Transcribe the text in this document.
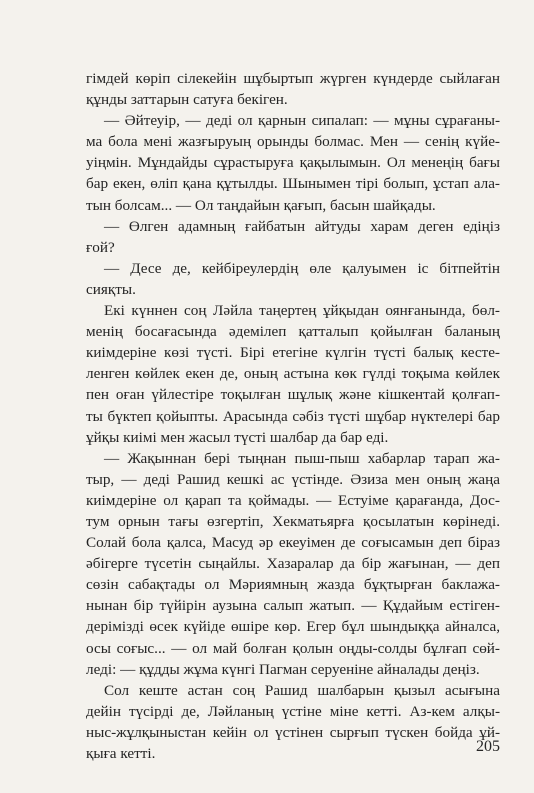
гімдей көріп сілекейін шұбыртып жүрген күндерде сыйлаған
құнды заттарын сатуға бекіген.
— Әйтеуір, — деді ол қарнын сипалап: — мұны сұрағаны-
ма бола мені жазғыруың орынды болмас. Мен — сенің күйе-
уіңмін. Мұндайды сұрастыруға қақылымын. Ол менеңің бағы
бар екен, өліп қана құтылды. Шынымен тірі болып, ұстап ала-
тын болсам... — Ол таңдайын қағып, басын шайқады.
— Өлген адамның ғайбатын айтуды харам деген едіңіз
ғой?
— Десе де, кейбіреулердің өле қалуымен іс бітпейтін
сияқты.
Екі күннен соң Ләйла таңертең ұйқыдан оянғанында, бөл-
менің босағасында әдемілеп қатталып қойылған баланың
киімдеріне көзі түсті. Бірі етегіне күлгін түсті балық кесте-
ленген көйлек екен де, оның астына көк гүлді тоқыма көйлек
пен оған үйлестіре тоқылған шұлық және кішкентай қолғап-
ты бүктеп қойыпты. Арасында сәбіз түсті шұбар нүктелері бар
ұйқы киімі мен жасыл түсті шалбар да бар еді.
— Жақыннан бері тыңнан пыш-пыш хабарлар тарап жа-
тыр, — деді Рашид кешкі ас үстінде. Әзиза мен оның жаңа
киімдеріне ол қарап та қоймады. — Естуіме қарағанда, Дос-
тум орнын тағы өзгертіп, Хекматьярға қосылатын көрінеді.
Солай бола қалса, Масуд әр екеуімен де соғысамын деп біраз
әбігерге түсетін сыңайлы. Хазаралар да бір жағынан, — деп
сөзін сабақтады ол Мәриямның жазда бұқтырған баклажа-
нынан бір түйірін аузына салып жатып. — Құдайым естіген-
дерімізді өсек күйіде өшіре көр. Егер бұл шындыққа айналса,
осы соғыс... — ол май болған қолын оңды-солды бұлғап сөй-
леді: — құдды жұма күнгі Пагман серуеніне айналады деңіз.
Сол кеште астан соң Рашид шалбарын қызыл асығына
дейін түсірді де, Ләйланың үстіне міне кетті. Аз-кем алқы-
ныс-жұлқыныстан кейін ол үстінен сырғып түскен бойда ұй-
қыға кетті.	205
